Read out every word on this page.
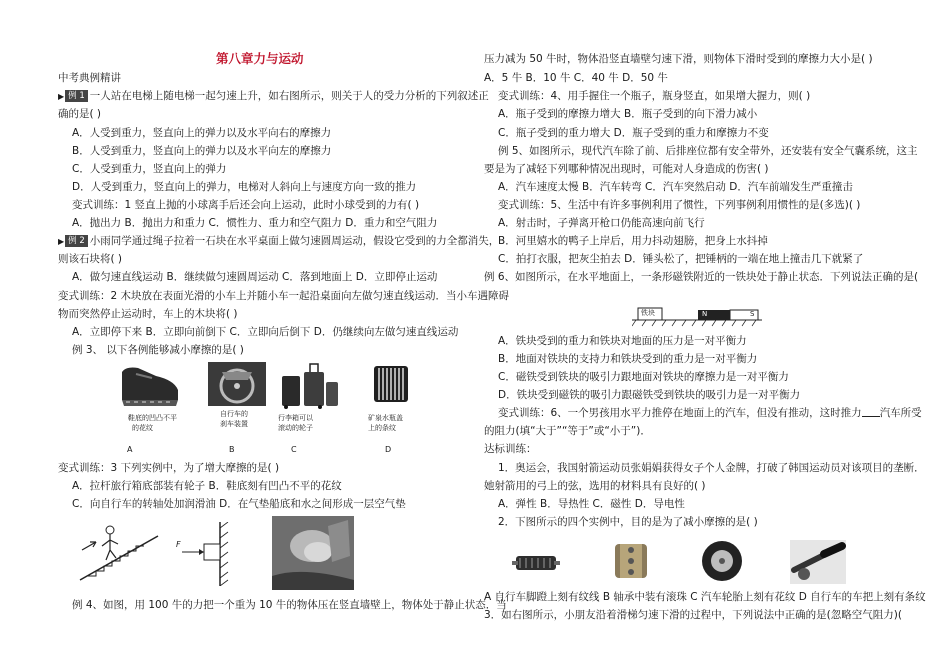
第八章力与运动
中考典例精讲
▶ 例 1 一人站在电梯上随电梯一起匀速上升，如右图所示，则关于人的受力分析的下列叙述正
确的是( )
A．人受到重力，竖直向上的弹力以及水平向右的摩擦力
B．人受到重力，竖直向上的弹力以及水平向左的摩擦力
C．人受到重力，竖直向上的弹力
D．人受到重力，竖直向上的弹力，电梯对人斜向上与速度方向一致的推力
变式训练：1 竖直上抛的小球离手后还会向上运动，此时小球受到的力有( )
A．抛出力 B．抛出力和重力 C．惯性力、重力和空气阻力 D．重力和空气阻力
▶ 例 2 小雨同学通过绳子拉着一石块在水平桌面上做匀速圆周运动，假设它受到的力全都消失，
则该石块将( )
A．做匀速直线运动 B．继续做匀速圆周运动 C．落到地面上 D．立即停止运动
变式训练：2 木块放在表面光滑的小车上并随小车一起沿桌面向左做匀速直线运动．当小车遇障碍
物而突然停止运动时，车上的木块将( )
A．立即停下来 B．立即向前倒下 C．立即向后倒下 D．仍继续向左做匀速直线运动
例 3、 以下各例能够减小摩擦的是( )
鞋底的凹凸不平
的花纹
自行车的
刹车装置
行李箱可以
滚动的轮子
矿泉水瓶盖
上的条纹
A	B	C	D
变式训练：3 下列实例中，为了增大摩擦的是( )
A．拉杆旅行箱底部装有轮子 B．鞋底刻有凹凸不平的花纹
C．向自行车的转轴处加润滑油 D．在气垫船底和水之间形成一层空气垫
F
例 4、如图，用 100 牛的力把一个重为 10 牛的物体压在竖直墙壁上，物体处于静止状态．当
压力减为 50 牛时，物体沿竖直墙壁匀速下滑，则物体下滑时受到的摩擦力大小是( )
A．5 牛 B．10 牛 C．40 牛 D．50 牛
变式训练：4、用手握住一个瓶子，瓶身竖直，如果增大握力，则( )
A．瓶子受到的摩擦力增大 B．瓶子受到的向下滑力减小
C．瓶子受到的重力增大 D．瓶子受到的重力和摩擦力不变
例 5、如图所示，现代汽车除了前、后排座位都有安全带外，还安装有安全气囊系统，这主
要是为了减轻下列哪种情况出现时，可能对人身造成的伤害( )
A．汽车速度太慢 B．汽车转弯 C．汽车突然启动 D．汽车前端发生严重撞击
变式训练：5、生活中有许多事例利用了惯性，下列事例利用惯性的是(多选)( )
A．射击时，子弹离开枪口仍能高速向前飞行
B．河里嬉水的鸭子上岸后，用力抖动翅膀，把身上水抖掉
C．拍打衣服，把灰尘拍去 D．锤头松了，把锤柄的一端在地上撞击几下就紧了
例 6、如图所示，在水平地面上，一条形磁铁附近的一铁块处于静止状态．下列说法正确的是(
铁块	N	S
A．铁块受到的重力和铁块对地面的压力是一对平衡力
B．地面对铁块的支持力和铁块受到的重力是一对平衡力
C．磁铁受到铁块的吸引力跟地面对铁块的摩擦力是一对平衡力
D．铁块受到磁铁的吸引力跟磁铁受到铁块的吸引力是一对平衡力
变式训练：6、一个男孩用水平力推停在地面上的汽车，但没有推动，这时推力 汽车所受
的阻力(填“大于”“等于”或“小于”)．
达标训练：
1．奥运会，我国射箭运动员张娟娟获得女子个人金牌，打破了韩国运动员对该项目的垄断．
她射箭用的弓上的弦，选用的材料具有良好的( )
A．弹性 B．导热性 C．磁性 D．导电性
2．下图所示的四个实例中，目的是为了减小摩擦的是( )
A 自行车脚蹬上刻有纹线 B 轴承中装有滚珠 C 汽车轮胎上刻有花纹 D 自行车的车把上刻有条纹
3．如右图所示，小朋友沿着滑梯匀速下滑的过程中，下列说法中正确的是(忽略空气阻力)(
